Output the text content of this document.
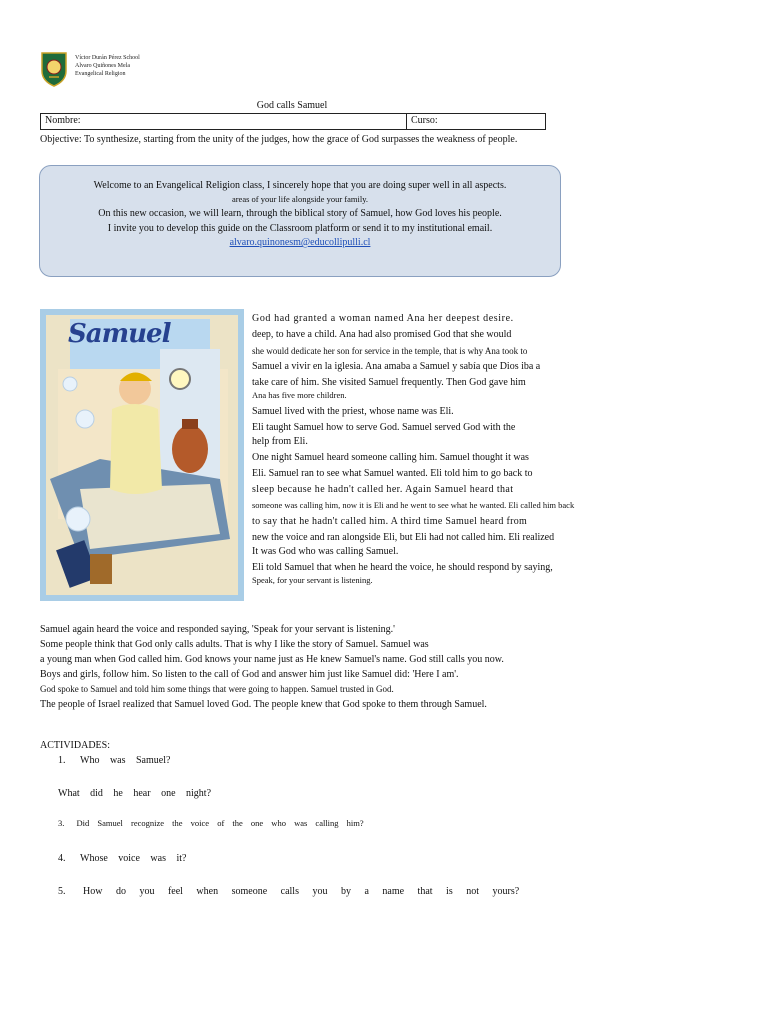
Víctor Durán Pérez School
Alvaro Quiñones Mela
Evangelical Religion
God calls Samuel
Nombre:	Curso:
Objective: To synthesize, starting from the unity of the judges, how the grace of God surpasses the weakness of people.
Welcome to an Evangelical Religion class, I sincerely hope that you are doing super well in all aspects.
areas of your life alongside your family.
On this new occasion, we will learn, through the biblical story of Samuel, how God loves his people.
I invite you to develop this guide on the Classroom platform or send it to my institutional email.
alvaro.quinonesm@educollipulli.cl
Samuel
God had granted a woman named Ana her deepest desire.
deep, to have a child. Ana had also promised God that she would
she would dedicate her son for service in the temple, that is why Ana took to
Samuel a vivir en la iglesia. Ana amaba a Samuel y sabía que Dios iba a
take care of him. She visited Samuel frequently. Then God gave him
Ana has five more children.
Samuel lived with the priest, whose name was Eli.
Eli taught Samuel how to serve God. Samuel served God with the
help from Eli.
One night Samuel heard someone calling him. Samuel thought it was
Eli. Samuel ran to see what Samuel wanted. Eli told him to go back to
sleep because he hadn't called her. Again Samuel heard that
someone was calling him, now it is Eli and he went to see what he wanted. Eli called him back
to say that he hadn't called him. A third time Samuel heard from
new the voice and ran alongside Eli, but Eli had not called him. Eli realized
It was God who was calling Samuel.
Eli told Samuel that when he heard the voice, he should respond by saying,
Speak, for your servant is listening.
Samuel again heard the voice and responded saying, 'Speak for your servant is listening.'
Some people think that God only calls adults. That is why I like the story of Samuel. Samuel was
a young man when God called him. God knows your name just as He knew Samuel's name. God still calls you now.
Boys and girls, follow him. So listen to the call of God and answer him just like Samuel did: 'Here I am'.
God spoke to Samuel and told him some things that were going to happen. Samuel trusted in God.
The people of Israel realized that Samuel loved God. The people knew that God spoke to them through Samuel.
ACTIVIDADES:
1. Who was Samuel?
What did he hear one night?
3. Did Samuel recognize the voice of the one who was calling him?
4. Whose voice was it?
5. How do you feel when someone calls you by a name that is not yours?
